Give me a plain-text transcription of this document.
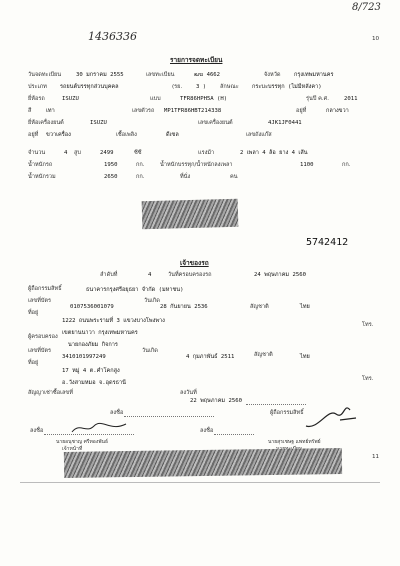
1436336
8/723
10
รายการจดทะเบียน
วันจดทะเบียน	30 มกราคม 2555	เลขทะเบียน	ฒฆ 4662	จังหวัด กรุงเทพมหานคร
ประเภท รถยนต์บรรทุกส่วนบุคคล	(รย. 3 ) ลักษณะ กระบะบรรทุก (ไม่มีหลังคา)
ยี่ห้อรถ	ISUZU	แบบ	TFR86HPH5A (H)	รุ่นปี ค.ศ.	2011
สี	เทา	เลขตัวรถ MP1TFR86HBT214338	อยู่ที่	กลางขวา
ยี่ห้อเครื่องยนต์	ISUZU	เลขเครื่องยนต์	4JK1JF0441
อยู่ที่ ขวาเครื่อง	เชื้อเพลิง	ดีเซล	เลขถังแก๊ส
จำนวน	4 สูบ	2499	ซีซี	แรงม้า	2 เพลา 4 ล้อ ยาง 4 เส้น
น้ำหนักรถ	1950	กก.	น้ำหนักบรรทุก/น้ำหนักลงเพลา	1100	กก.
น้ำหนักรวม	2650	กก.	ที่นั่ง	คน
5742412
เจ้าของรถ
ลำดับที่	4	วันที่ครอบครองรถ	24 พฤษภาคม 2560
ผู้ถือกรรมสิทธิ์	ธนาคารกรุงศรีอยุธยา จำกัด (มหาชน)
เลขที่บัตร
0107536001079
วันเกิด
28 กันยายน 2536	สัญชาติ	ไทย
ที่อยู่
1222 ถนนพระรามที่ 3 แขวงบางโพงพาง
เขตยานนาวา กรุงเทพมหานคร
โทร.
ผู้ครอบครอง
นายกองภัยม กิจการ
เลขที่บัตร
3410101997249
วันเกิด
4 กุมภาพันธ์ 2511	สัญชาติ	ไทย
ที่อยู่
17 หมู่ 4 ต.คำโคกสูง
อ.วังสามหมอ จ.อุดรธานี
โทร.
สัญญาเช่าซื้อเลขที่	ลงวันที่
22 พฤษภาคม 2560
ลงชื่อ	ผู้ถือกรรมสิทธิ์
ลงชื่อ	ลงชื่อ
นายอนุชาญ ศรีทองพันธ์
เจ้าหน้าที่
นายสุรเชษฐ แพทย์ทรัพย์
11
